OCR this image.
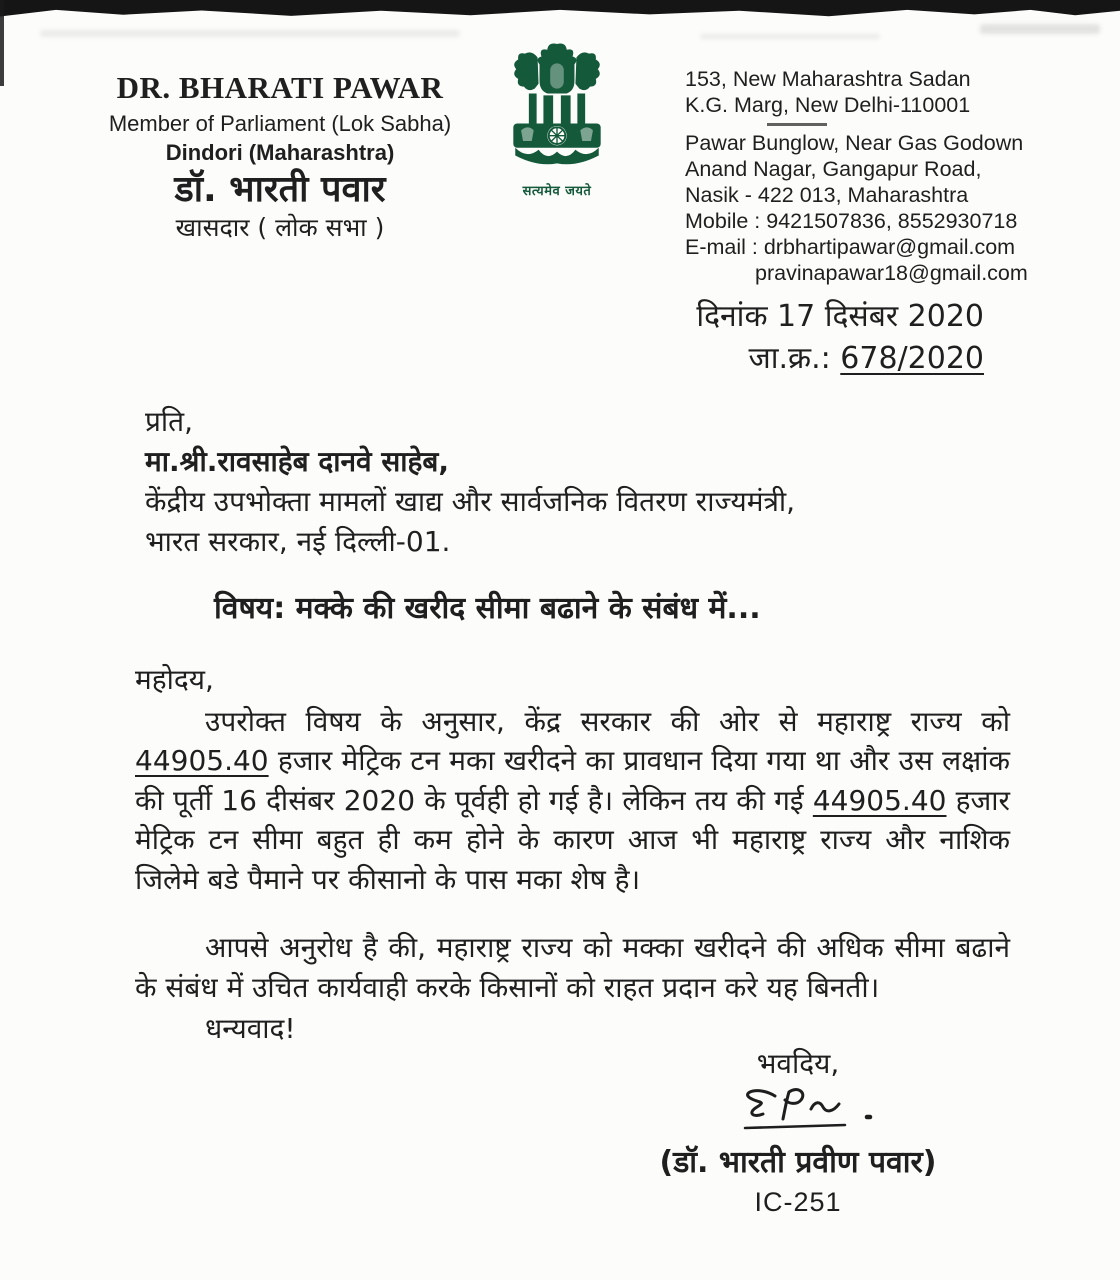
DR. BHARATI PAWAR
Member of Parliament (Lok Sabha)
Dindori (Maharashtra)
डॉ. भारती पवार
खासदार ( लोक सभा )
सत्यमेव जयते
153, New Maharashtra Sadan
K.G. Marg, New Delhi-110001
Pawar Bunglow, Near Gas Godown
Anand Nagar, Gangapur Road,
Nasik - 422 013, Maharashtra
Mobile : 9421507836, 8552930718
E-mail : drbhartipawar@gmail.com
pravinapawar18@gmail.com
दिनांक 17 दिसंबर 2020
जा.क्र.: 678/2020
प्रति,
मा.श्री.रावसाहेब दानवे साहेब,
केंद्रीय उपभोक्ता मामलों खाद्य और सार्वजनिक वितरण राज्यमंत्री,
भारत सरकार, नई दिल्ली-01.
विषय: मक्के की खरीद सीमा बढाने के संबंध में...
महोदय,

उपरोक्त विषय के अनुसार, केंद्र सरकार की ओर से महाराष्ट्र राज्य को 44905.40 हजार मेट्रिक टन मका खरीदने का प्रावधान दिया गया था और उस लक्षांक की पूर्ती 16 दीसंबर 2020 के पूर्वही हो गई है। लेकिन तय की गई 44905.40 हजार मेट्रिक टन सीमा बहुत ही कम होने के कारण आज भी महाराष्ट्र राज्य और नाशिक जिलेमे बडे पैमाने पर कीसानो के पास मका शेष है।

आपसे अनुरोध है की, महाराष्ट्र राज्य को मक्का खरीदने की अधिक सीमा बढाने के संबंध में उचित कार्यवाही करके किसानों को राहत प्रदान करे यह बिनती।

धन्यवाद!
भवदिय,
(डॉ. भारती प्रवीण पवार)
IC-251
